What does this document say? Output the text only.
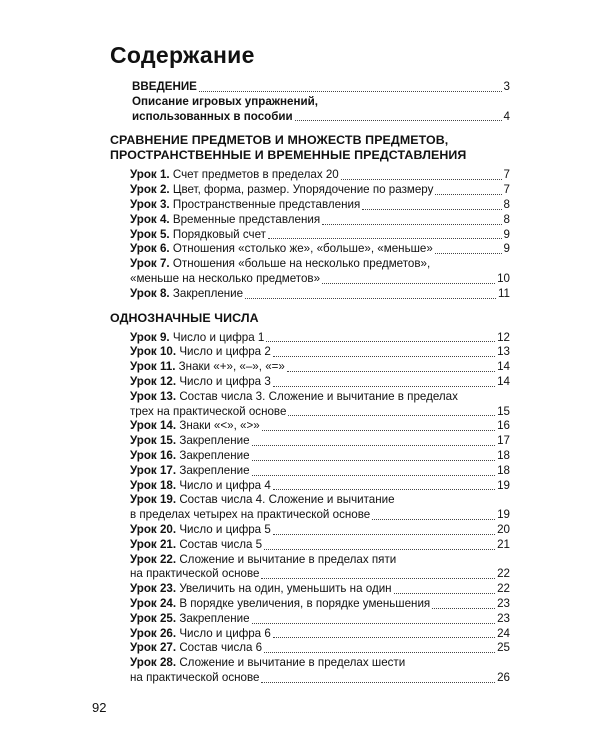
Содержание
ВВЕДЕНИЕ	3
Описание игровых упражнений,
использованных в пособии	4
СРАВНЕНИЕ ПРЕДМЕТОВ И МНОЖЕСТВ ПРЕДМЕТОВ,
ПРОСТРАНСТВЕННЫЕ И ВРЕМЕННЫЕ ПРЕДСТАВЛЕНИЯ
Урок 1. Счет предметов в пределах 20	7
Урок 2. Цвет, форма, размер. Упорядочение по размеру	7
Урок 3. Пространственные представления	8
Урок 4. Временные представления	8
Урок 5. Порядковый счет	9
Урок 6. Отношения «столько же», «больше», «меньше»	9
Урок 7. Отношения «больше на несколько предметов»,
«меньше на несколько предметов»	10
Урок 8. Закрепление	11
ОДНОЗНАЧНЫЕ ЧИСЛА
Урок 9. Число и цифра 1	12
Урок 10. Число и цифра 2	13
Урок 11. Знаки «+», «–», «=»	14
Урок 12. Число и цифра 3	14
Урок 13. Состав числа 3. Сложение и вычитание в пределах
трех на практической основе	15
Урок 14. Знаки «<», «>»	16
Урок 15. Закрепление	17
Урок 16. Закрепление	18
Урок 17. Закрепление	18
Урок 18. Число и цифра 4	19
Урок 19. Состав числа 4. Сложение и вычитание
в пределах четырех на практической основе	19
Урок 20. Число и цифра 5	20
Урок 21. Состав числа 5	21
Урок 22. Сложение и вычитание в пределах пяти
на практической основе	22
Урок 23. Увеличить на один, уменьшить на один	22
Урок 24. В порядке увеличения, в порядке уменьшения	23
Урок 25. Закрепление	23
Урок 26. Число и цифра 6	24
Урок 27. Состав числа 6	25
Урок 28. Сложение и вычитание в пределах шести
на практической основе	26
92
